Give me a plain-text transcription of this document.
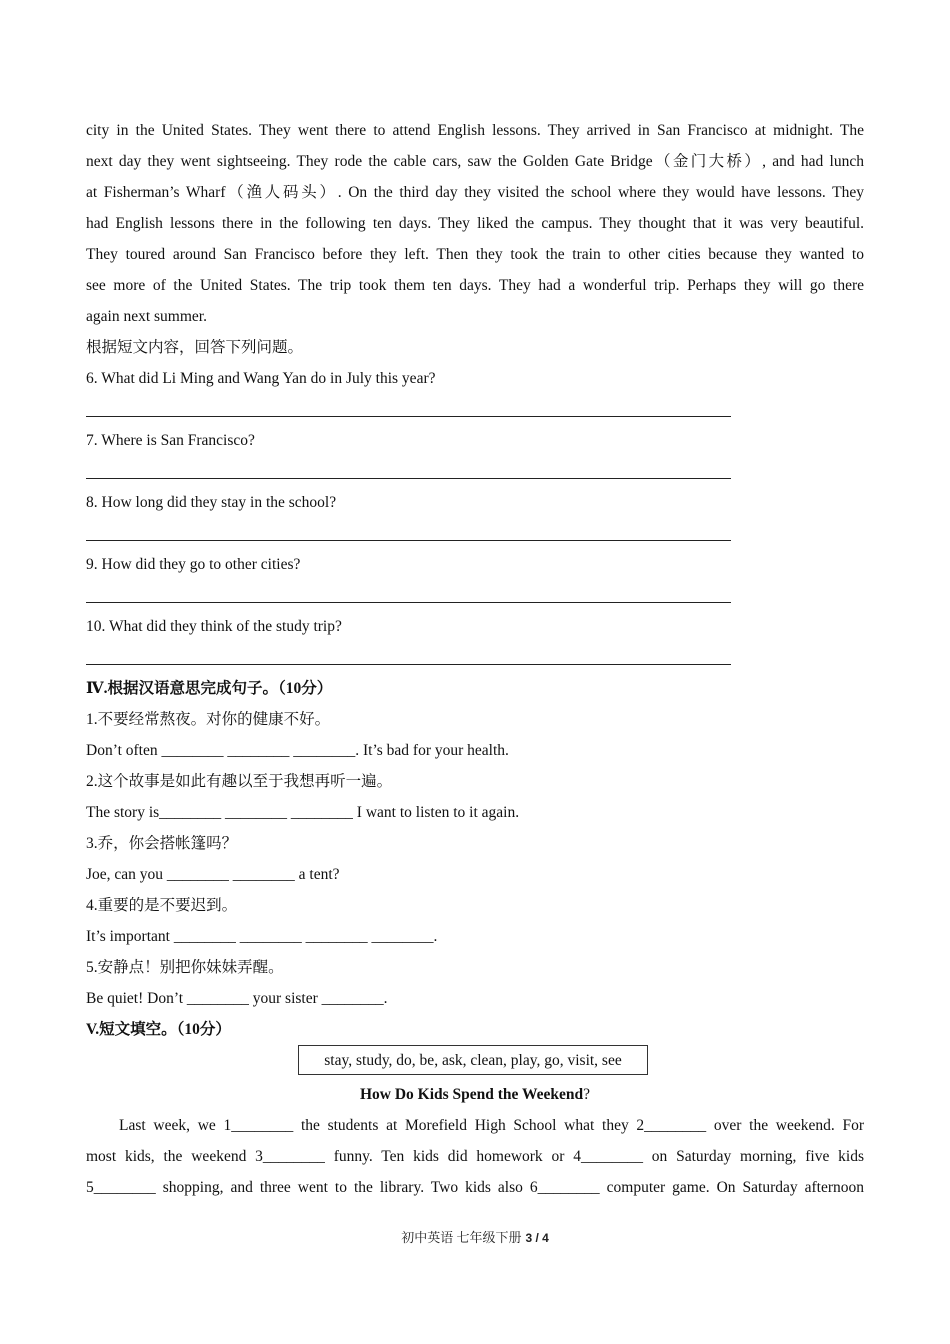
city in the United States. They went there to attend English lessons. They arrived in San Francisco at midnight. The
next day they went sightseeing. They rode the cable cars, saw the Golden Gate Bridge（金门大桥）, and had lunch
at Fisherman’s Wharf（渔人码头）. On the third day they visited the school where they would have lessons. They
had English lessons there in the following ten days. They liked the campus. They thought that it was very beautiful.
They toured around San Francisco before they left. Then they took the train to other cities because they wanted to
see more of the United States. The trip took them ten days. They had a wonderful trip. Perhaps they will go there
again next summer.
根据短文内容，回答下列问题。
6. What did Li Ming and Wang Yan do in July this year?
7. Where is San Francisco?
8. How long did they stay in the school?
9. How did they go to other cities?
10. What did they think of the study trip?
Ⅳ.根据汉语意思完成句子。（10分）
1.不要经常熬夜。对你的健康不好。
Don’t often ________ ________ ________. It’s bad for your health.
2.这个故事是如此有趣以至于我想再听一遍。
The story is________ ________ ________ I want to listen to it again.
3.乔，你会搭帐篷吗？
Joe, can you ________ ________ a tent?
4.重要的是不要迟到。
It’s important ________ ________ ________ ________.
5.安静点！别把你妹妹弄醒。
Be quiet! Don’t ________ your sister ________.
V.短文填空。（10分）
stay, study, do, be, ask, clean, play, go, visit, see
How Do Kids Spend the Weekend?
Last week, we 1________ the students at Morefield High School what they 2________ over the weekend. For
most kids, the weekend 3________ funny. Ten kids did homework or 4________ on Saturday morning, five kids
5________ shopping, and three went to the library. Two kids also 6________ computer game. On Saturday afternoon
初中英语 七年级下册 3 / 4
